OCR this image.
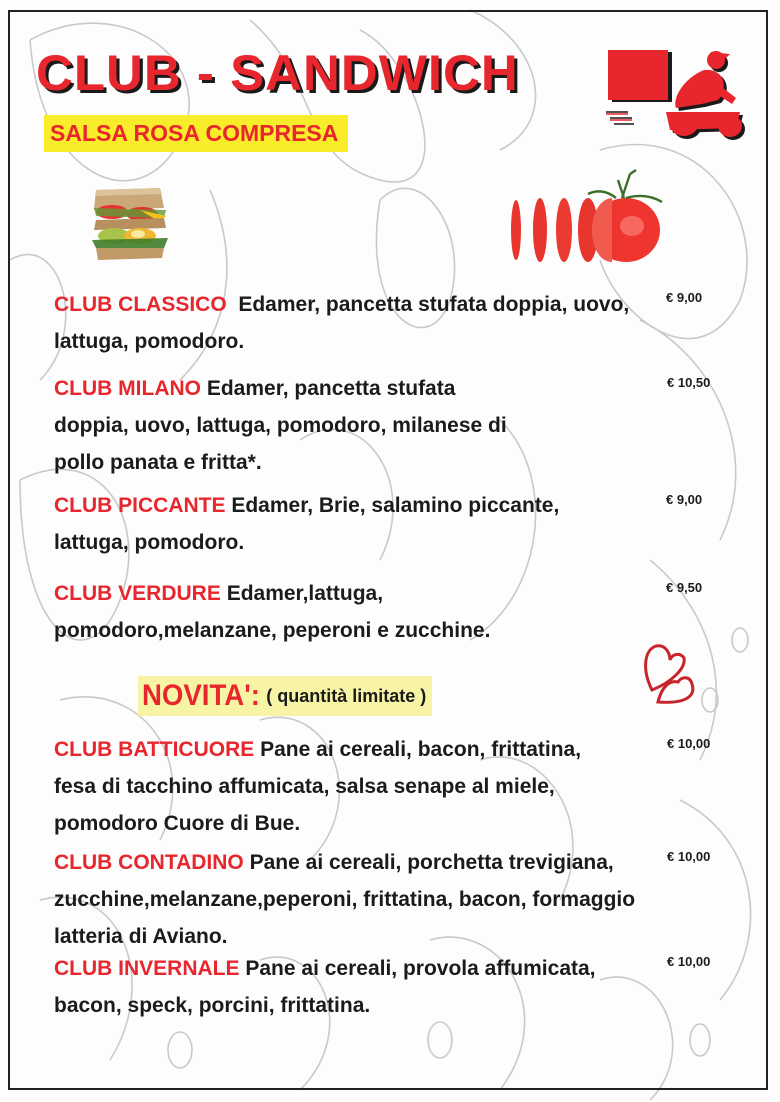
CLUB - SANDWICH
SALSA ROSA COMPRESA
CLUB CLASSICO Edamer, pancetta stufata doppia, uovo, lattuga, pomodoro.
€ 9,00
CLUB MILANO Edamer, pancetta stufata doppia, uovo, lattuga, pomodoro, milanese di pollo panata e fritta*.
€ 10,50
CLUB PICCANTE Edamer, Brie, salamino piccante, lattuga, pomodoro.
€ 9,00
CLUB VERDURE Edamer,lattuga, pomodoro,melanzane, peperoni e zucchine.
€ 9,50
NOVITA': ( quantità limitate )
CLUB BATTICUORE Pane ai cereali, bacon, frittatina, fesa di tacchino affumicata, salsa senape al miele, pomodoro Cuore di Bue.
€ 10,00
CLUB CONTADINO Pane ai cereali, porchetta trevigiana, zucchine,melanzane,peperoni, frittatina, bacon, formaggio latteria di Aviano.
€ 10,00
CLUB INVERNALE Pane ai cereali, provola affumicata, bacon, speck, porcini, frittatina.
€ 10,00
